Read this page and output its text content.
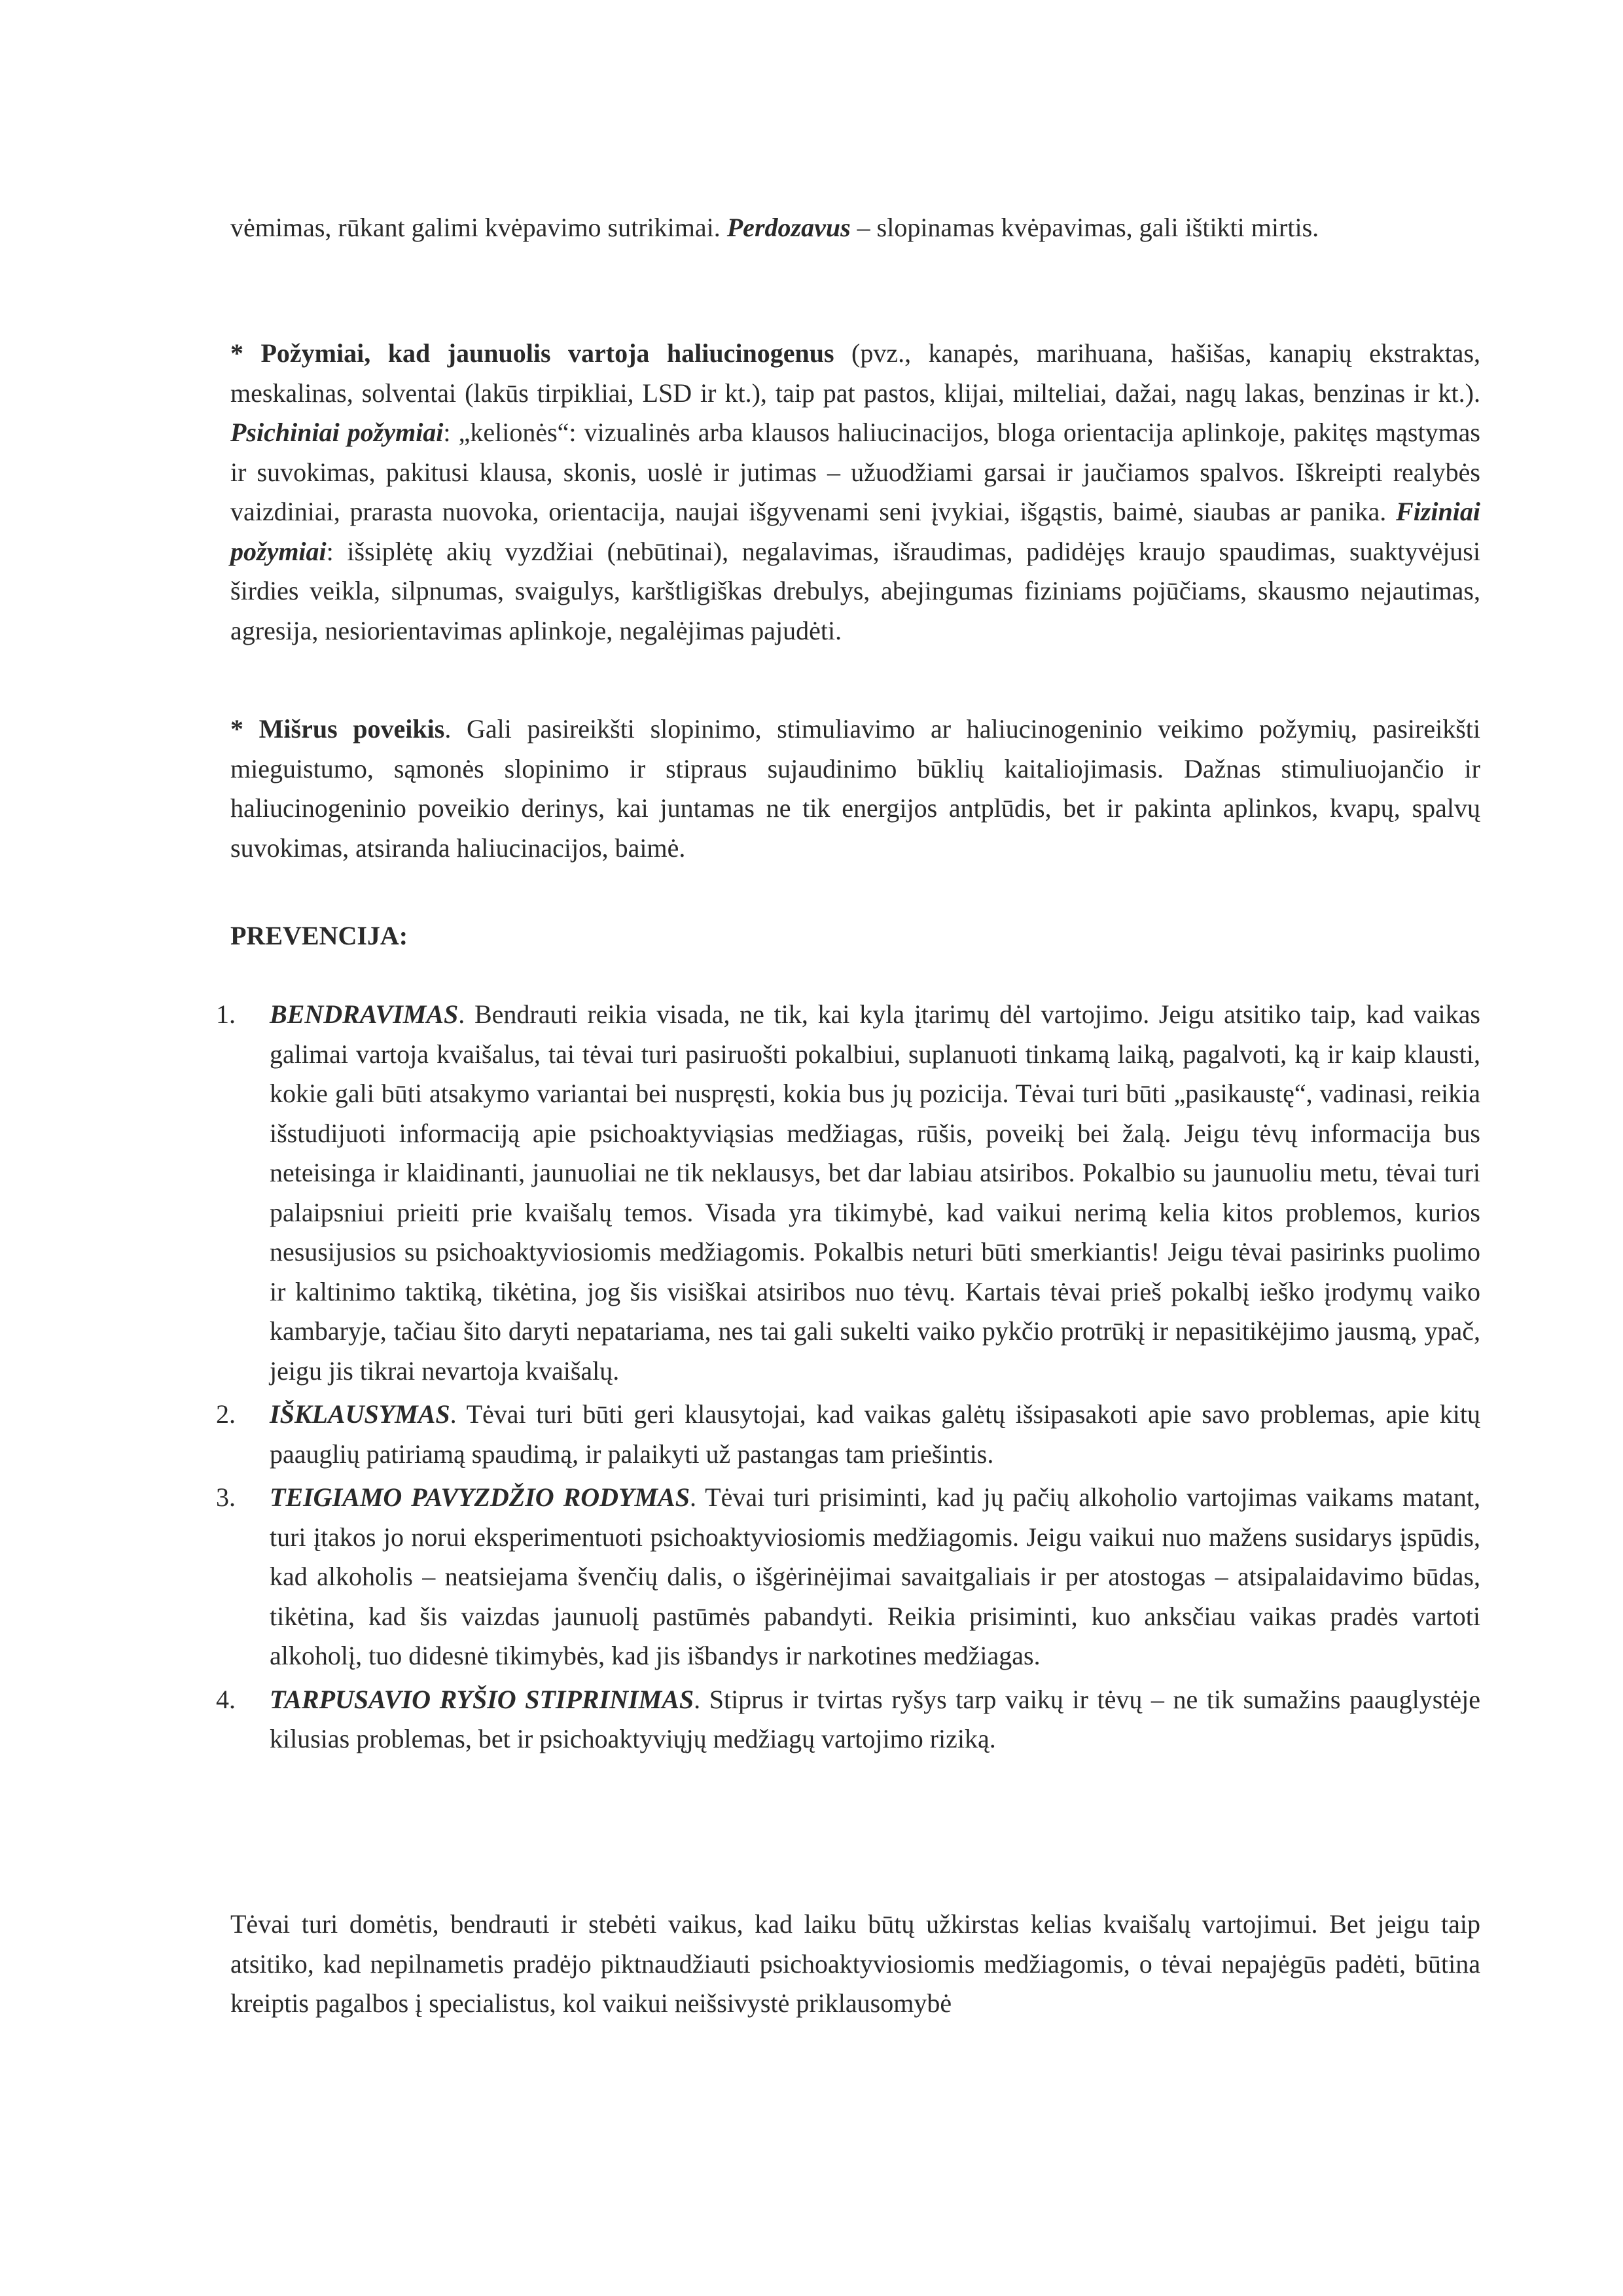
vėmimas, rūkant galimi kvėpavimo sutrikimai. Perdozavus – slopinamas kvėpavimas, gali ištikti mirtis.

* Požymiai, kad jaunuolis vartoja haliucinogenus (pvz., kanapės, marihuana, hašišas, kanapių ekstraktas, meskalinas, solventai (lakūs tirpikliai, LSD ir kt.), taip pat pastos, klijai, milteliai, dažai, nagų lakas, benzinas ir kt.). Psichiniai požymiai: „kelionės“: vizualinės arba klausos haliucinacijos, bloga orientacija aplinkoje, pakitęs mąstymas ir suvokimas, pakitusi klausa, skonis, uoslė ir jutimas – užuodžiami garsai ir jaučiamos spalvos. Iškreipti realybės vaizdiniai, prarasta nuovoka, orientacija, naujai išgyvenami seni įvykiai, išgąstis, baimė, siaubas ar panika. Fiziniai požymiai: išsiplėtę akių vyzdžiai (nebūtinai), negalavimas, išraudimas, padidėjęs kraujo spaudimas, suaktyvėjusi širdies veikla, silpnumas, svaigulys, karštligiškas drebulys, abejingumas fiziniams pojūčiams, skausmo nejautimas, agresija, nesiorientavimas aplinkoje, negalėjimas pajudėti.

* Mišrus poveikis. Gali pasireikšti slopinimo, stimuliavimo ar haliucinogeninio veikimo požymių, pasireikšti mieguistumo, sąmonės slopinimo ir stipraus sujaudinimo būklių kaitaliojimasis. Dažnas stimuliuojančio ir haliucinogeninio poveikio derinys, kai juntamas ne tik energijos antplūdis, bet ir pakinta aplinkos, kvapų, spalvų suvokimas, atsiranda haliucinacijos, baimė.

PREVENCIJA:

1. BENDRAVIMAS. Bendrauti reikia visada, ne tik, kai kyla įtarimų dėl vartojimo. Jeigu atsitiko taip, kad vaikas galimai vartoja kvaišalus, tai tėvai turi pasiruošti pokalbiui, suplanuoti tinkamą laiką, pagalvoti, ką ir kaip klausti, kokie gali būti atsakymo variantai bei nuspręsti, kokia bus jų pozicija. Tėvai turi būti „pasikaustę“, vadinasi, reikia išstudijuoti informaciją apie psichoaktyviąsias medžiagas, rūšis, poveikį bei žalą. Jeigu tėvų informacija bus neteisinga ir klaidinanti, jaunuoliai ne tik neklausys, bet dar labiau atsiribos. Pokalbio su jaunuoliu metu, tėvai turi palaipsniui prieiti prie kvaišalų temos. Visada yra tikimybė, kad vaikui nerimą kelia kitos problemos, kurios nesusijusios su psichoaktyviosiomis medžiagomis. Pokalbis neturi būti smerkiantis! Jeigu tėvai pasirinks puolimo ir kaltinimo taktiką, tikėtina, jog šis visiškai atsiribos nuo tėvų. Kartais tėvai prieš pokalbį ieško įrodymų vaiko kambaryje, tačiau šito daryti nepatariama, nes tai gali sukelti vaiko pykčio protrūkį ir nepasitikėjimo jausmą, ypač, jeigu jis tikrai nevartoja kvaišalų.
2. IŠKLAUSYMAS. Tėvai turi būti geri klausytojai, kad vaikas galėtų išsipasakoti apie savo problemas, apie kitų paauglių patiriamą spaudimą, ir palaikyti už pastangas tam priešintis.
3. TEIGIAMO PAVYZDŽIO RODYMAS. Tėvai turi prisiminti, kad jų pačių alkoholio vartojimas vaikams matant, turi įtakos jo norui eksperimentuoti psichoaktyviosiomis medžiagomis. Jeigu vaikui nuo mažens susidarys įspūdis, kad alkoholis – neatsiejama švenčių dalis, o išgėrinėjimai savaitgaliais ir per atostogas – atsipalaidavimo būdas, tikėtina, kad šis vaizdas jaunuolį pastūmės pabandyti. Reikia prisiminti, kuo anksčiau vaikas pradės vartoti alkoholį, tuo didesnė tikimybės, kad jis išbandys ir narkotines medžiagas.
4. TARPUSAVIO RYŠIO STIPRINIMAS. Stiprus ir tvirtas ryšys tarp vaikų ir tėvų – ne tik sumažins paauglystėje kilusias problemas, bet ir psichoaktyviųjų medžiagų vartojimo riziką.

Tėvai turi domėtis, bendrauti ir stebėti vaikus, kad laiku būtų užkirstas kelias kvaišalų vartojimui. Bet jeigu taip atsitiko, kad nepilnametis pradėjo piktnaudžiauti psichoaktyviosiomis medžiagomis, o tėvai nepajėgūs padėti, būtina kreiptis pagalbos į specialistus, kol vaikui neišsivystė priklausomybė
